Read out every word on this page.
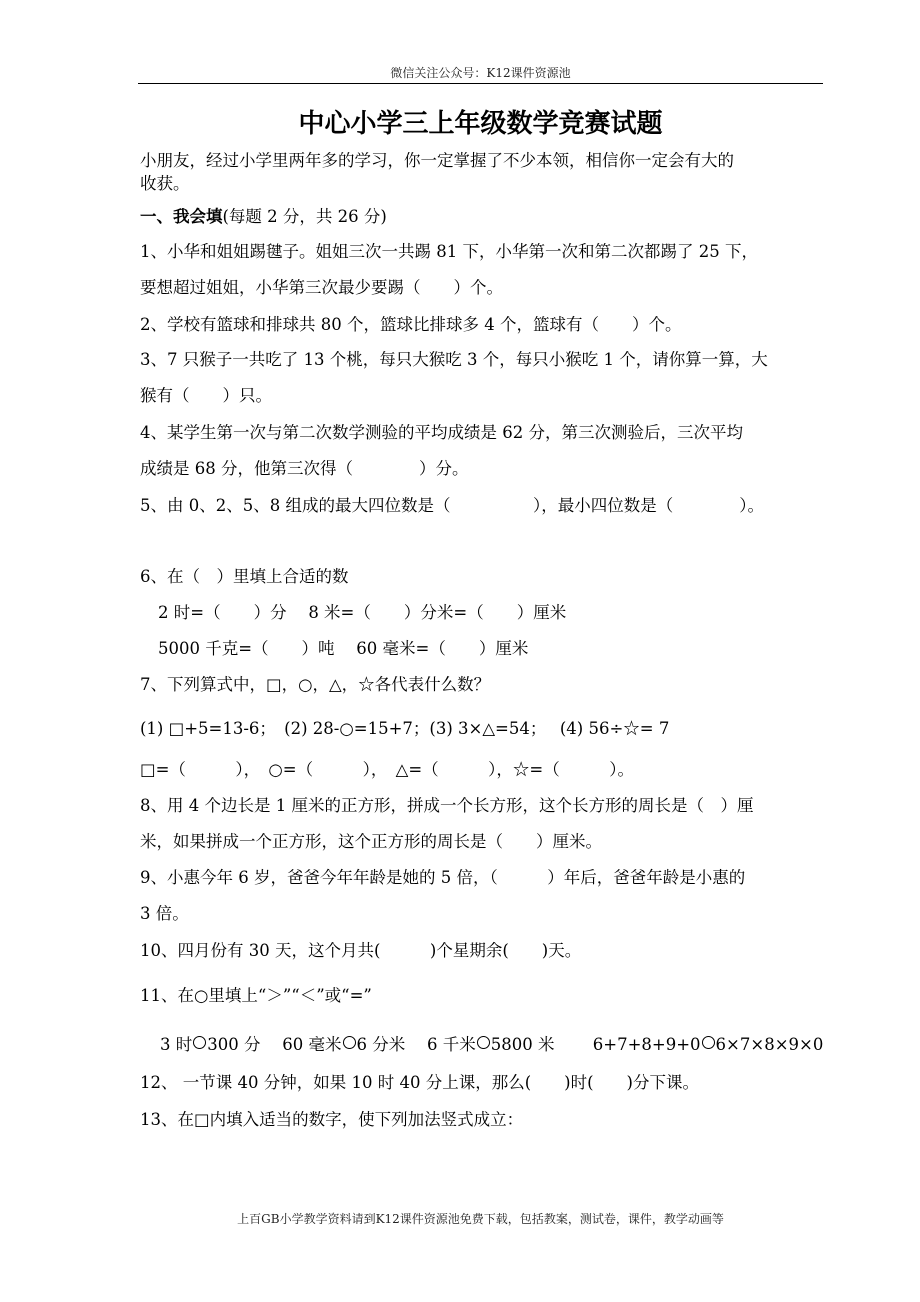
微信关注公众号：K12课件资源池
中心小学三上年级数学竞赛试题
小朋友，经过小学里两年多的学习，你一定掌握了不少本领，相信你一定会有大的
收获。
一、我会填(每题 2 分，共 26 分)
1、小华和姐姐踢毽子。姐姐三次一共踢 81 下，小华第一次和第二次都踢了 25 下，
要想超过姐姐，小华第三次最少要踢（　　）个。
2、学校有篮球和排球共 80 个，篮球比排球多 4 个，篮球有（　　）个。
3、7 只猴子一共吃了 13 个桃，每只大猴吃 3 个，每只小猴吃 1 个，请你算一算，大
猴有（　　）只。
4、某学生第一次与第二次数学测验的平均成绩是 62 分，第三次测验后，三次平均
成绩是 68 分，他第三次得（　　　　）分。
5、由 0、2、5、8 组成的最大四位数是（　　　　　），最小四位数是（　　　　）。
6、在（　）里填上合适的数
2 时=（　　）分　 8 米=（　　）分米=（　　）厘米
5000 千克=（　　）吨　 60 毫米=（　　）厘米
7、下列算式中，□，○，△，☆各代表什么数？
(1) □+5=13-6；　(2) 28-○=15+7；(3) 3×△=54；　 (4) 56÷☆= 7
□=（　　　），　○=（　　　），　△=（　　　），☆=（　　　）。
8、用 4 个边长是 1 厘米的正方形，拼成一个长方形，这个长方形的周长是（　）厘
米，如果拼成一个正方形，这个正方形的周长是（　　）厘米。
9、小惠今年 6 岁，爸爸今年年龄是她的 5 倍，（　　　）年后，爸爸年龄是小惠的
3 倍。
10、四月份有 30 天，这个月共(　　　)个星期余(　　)天。
11、在○里填上“＞”“＜”或“=”
3 时 300 分　 60 毫米 6 分米　 6 千米 5800 米　　 6+7+8+9+0 6×7×8×9×0
12、 一节课 40 分钟，如果 10 时 40 分上课，那么(　　)时(　　)分下课。
13、在□内填入适当的数字，使下列加法竖式成立：
上百GB小学教学资料请到K12课件资源池免费下载，包括教案，测试卷，课件，教学动画等
